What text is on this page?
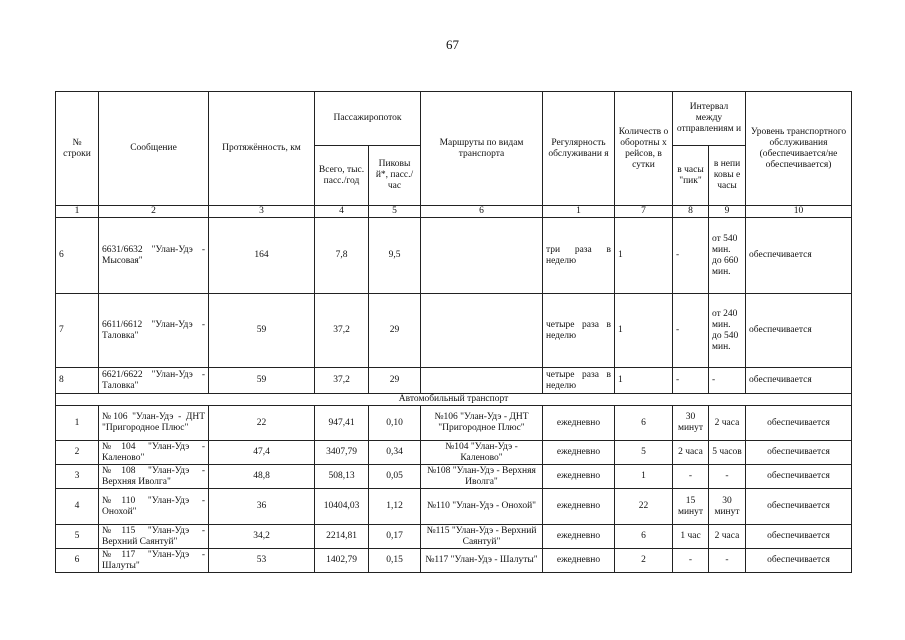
67
№ строки	Сообщение	Протяжённость, км	Пассажиропоток		Маршруты по видам транспорта	Регулярность обслуживани я	Количеств о оборотны х рейсов, в сутки	Интервал между отправлениям и		Уровень транспортного обслуживания (обеспечивается/не обеспечивается)
			Всего, тыс. пасс./год	Пиковы й*, пасс./час				в часы "пик"	в непи ковы е часы	
1	2	3	4	5	6	1	7	8	9	10
6	6631/6632 "Улан-Удэ - Мысовая"	164	7,8	9,5		три раза в неделю	1	-	от 540 мин. до 660 мин.	обеспечивается
7	6611/6612 "Улан-Удэ - Таловка"	59	37,2	29		четыре раза в неделю	1	-	от 240 мин. до 540 мин.	обеспечивается
8	6621/6622 "Улан-Удэ - Таловка"	59	37,2	29		четыре раза в неделю	1	-	-	обеспечивается
Автомобильный транспорт										
1	№106 "Улан-Удэ - ДНТ "Пригородное Плюс"	22	947,41	0,10	№106 "Улан-Удэ - ДНТ "Пригородное Плюс"	ежедневно	6	30 минут	2 часа	обеспечивается
2	№104 "Улан-Удэ - Каленово"	47,4	3407,79	0,34	№104 "Улан-Удэ - Каленово"	ежедневно	5	2 часа	5 часов	обеспечивается
3	№108 "Улан-Удэ - Верхняя Иволга"	48,8	508,13	0,05	№108 "Улан-Удэ - Верхняя Иволга"	ежедневно	1	-	-	обеспечивается
4	№110 "Улан-Удэ - Онохой"	36	10404,03	1,12	№110 "Улан-Удэ - Онохой"	ежедневно	22	15 минут	30 минут	обеспечивается
5	№115 "Улан-Удэ - Верхний Саянтуй"	34,2	2214,81	0,17	№115 "Улан-Удэ - Верхний Саянтуй"	ежедневно	6	1 час	2 часа	обеспечивается
6	№117 "Улан-Удэ - Шалуты"	53	1402,79	0,15	№117 "Улан-Удэ - Шалуты"	ежедневно	2	-	-	обеспечивается
